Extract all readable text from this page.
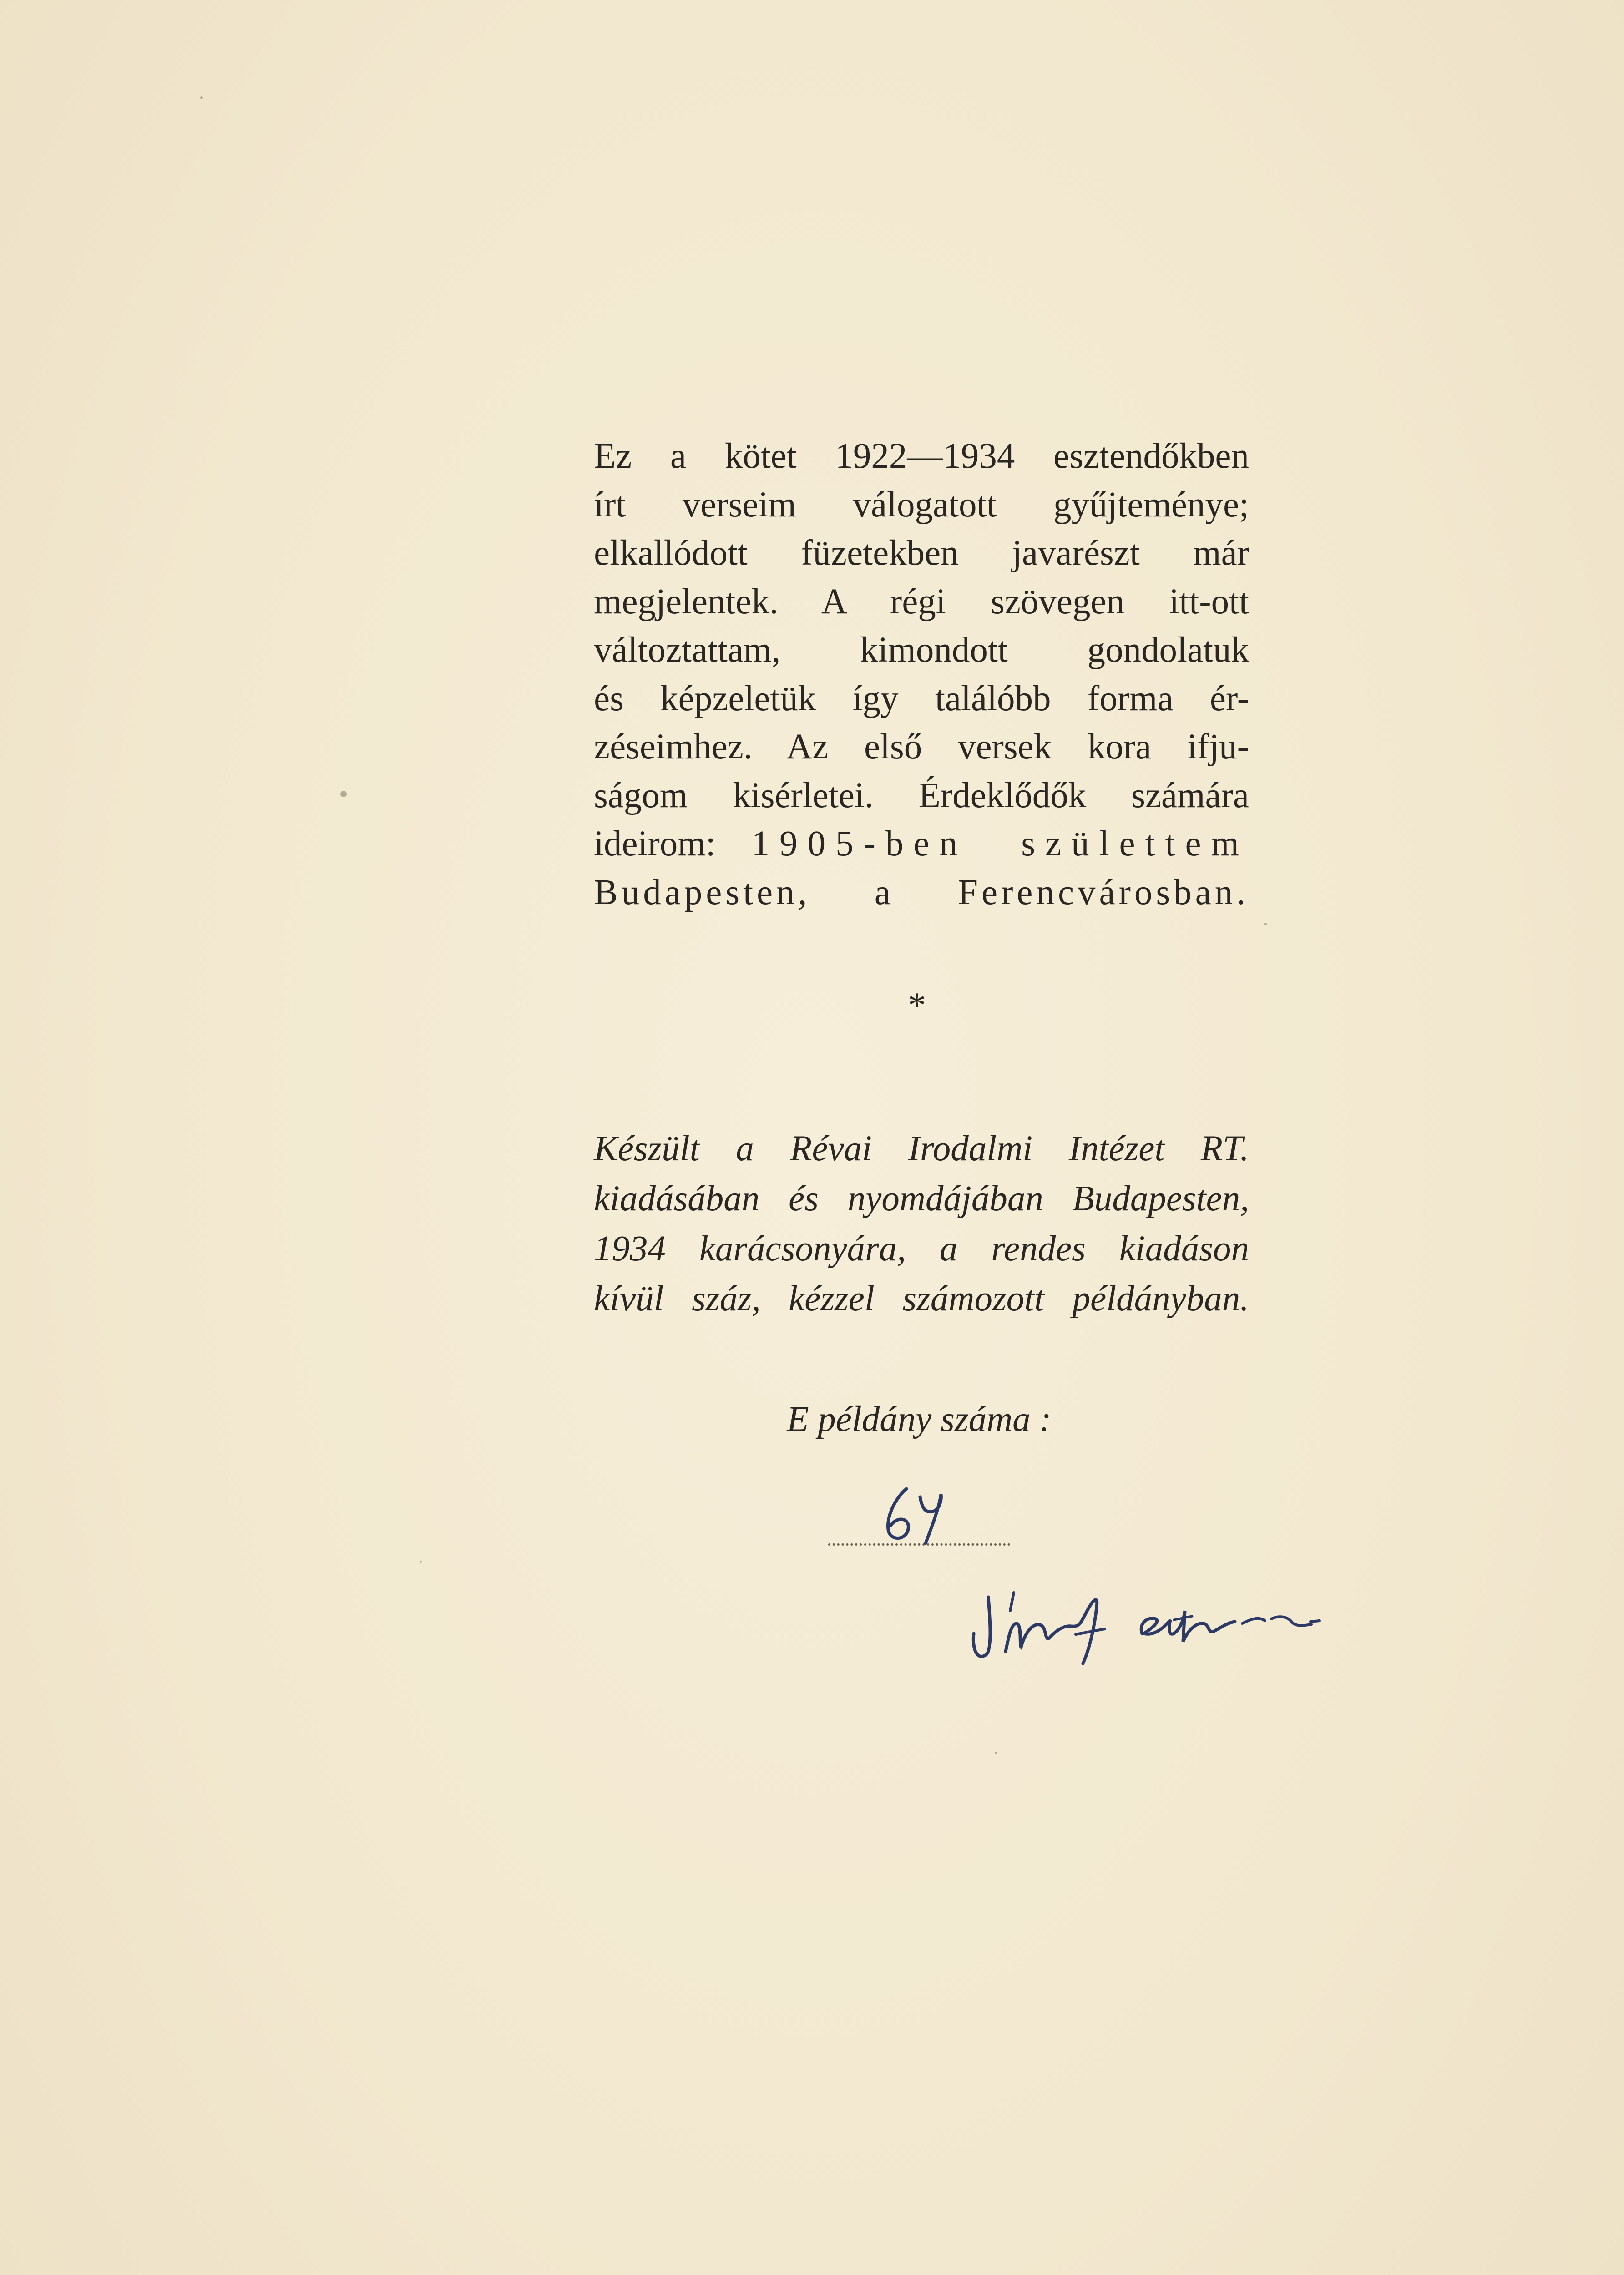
Ez a kötet 1922—1934 esztendőkben
írt verseim válogatott gyűjteménye;
elkallódott füzetekben javarészt már
megjelentek. A régi szövegen itt-ott
változtattam, kimondott gondolatuk
és képzeletük így találóbb forma ér-
zéseimhez. Az első versek kora ifju-
ságom kisérletei. Érdeklődők számára
ideirom:  1905-ben születtem
Budapesten, a Ferencvárosban.
*
Készült a Révai Irodalmi Intézet RT.
kiadásában és nyomdájában Budapesten,
1934 karácsonyára, a rendes kiadáson
kívül száz, kézzel számozott példányban.
E példány száma :
